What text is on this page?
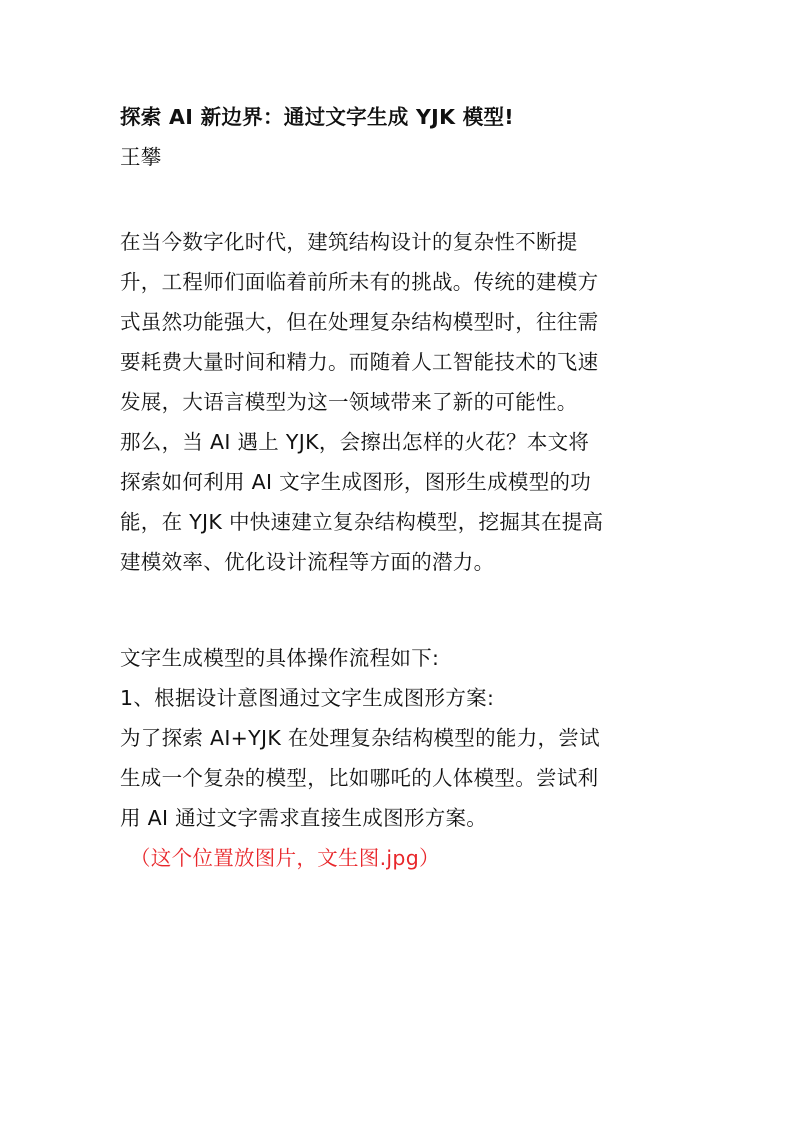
探索 AI 新边界：通过文字生成 YJK 模型!
王攀
在当今数字化时代，建筑结构设计的复杂性不断提
升，工程师们面临着前所未有的挑战。传统的建模方
式虽然功能强大，但在处理复杂结构模型时，往往需
要耗费大量时间和精力。而随着人工智能技术的飞速
发展，大语言模型为这一领域带来了新的可能性。
那么，当 AI 遇上 YJK，会擦出怎样的火花？本文将
探索如何利用 AI 文字生成图形，图形生成模型的功
能，在 YJK 中快速建立复杂结构模型，挖掘其在提高
建模效率、优化设计流程等方面的潜力。
文字生成模型的具体操作流程如下:
1、根据设计意图通过文字生成图形方案:
为了探索 AI+YJK 在处理复杂结构模型的能力，尝试
生成一个复杂的模型，比如哪吒的人体模型。尝试利
用 AI 通过文字需求直接生成图形方案。
（这个位置放图片，文生图.jpg）
